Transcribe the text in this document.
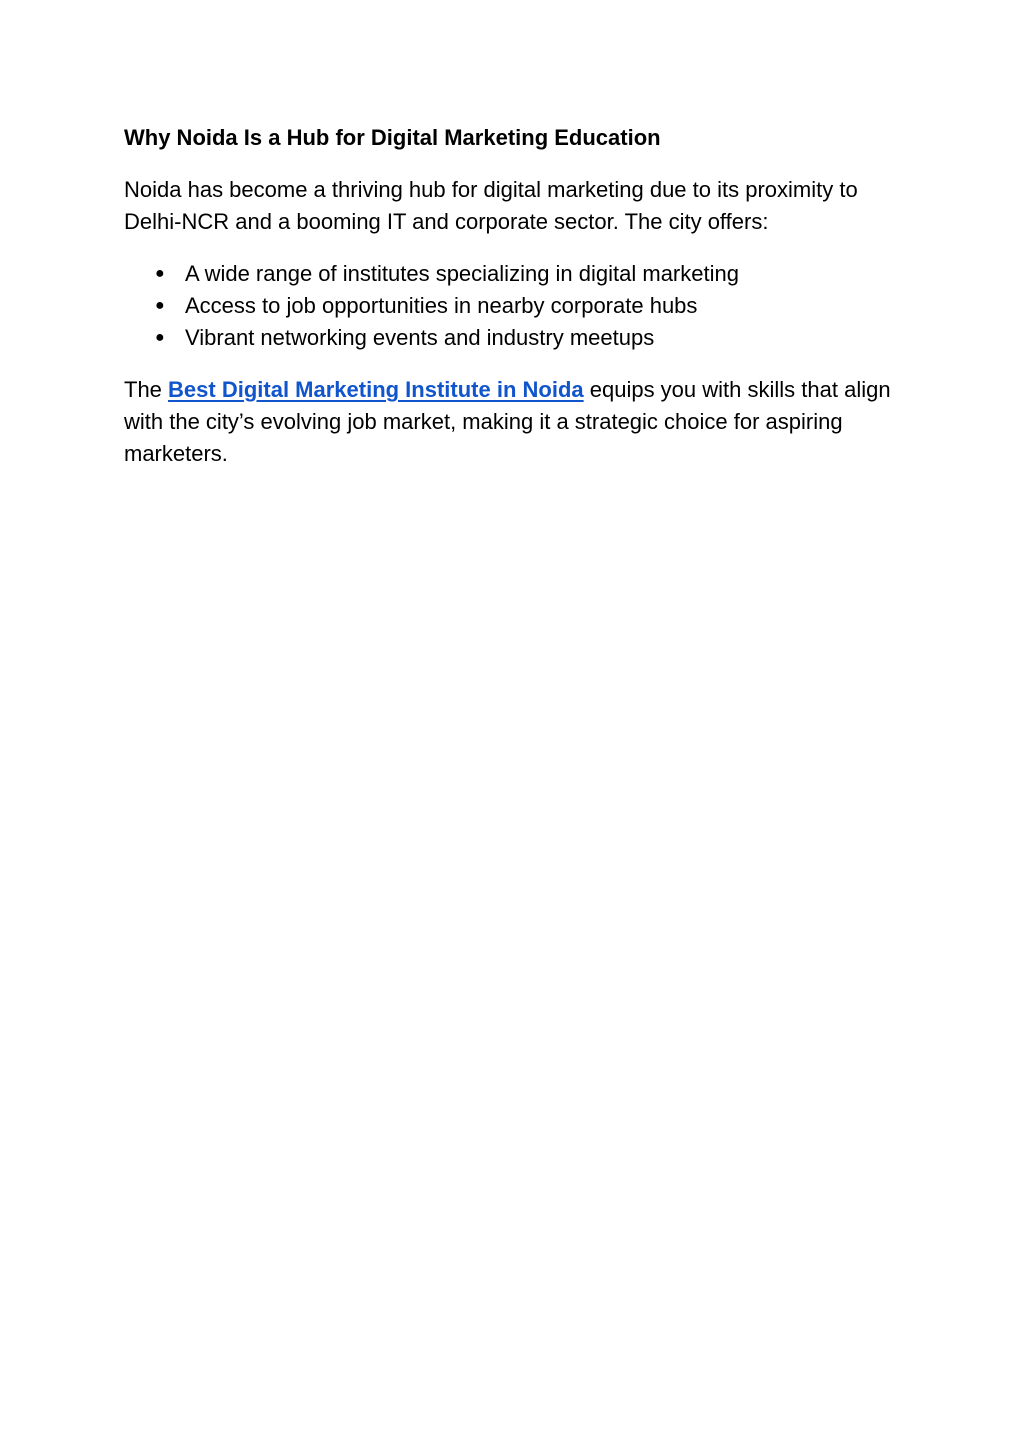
Why Noida Is a Hub for Digital Marketing Education

Noida has become a thriving hub for digital marketing due to its proximity to Delhi-NCR and a booming IT and corporate sector. The city offers:

● A wide range of institutes specializing in digital marketing
● Access to job opportunities in nearby corporate hubs
● Vibrant networking events and industry meetups

The Best Digital Marketing Institute in Noida equips you with skills that align with the city’s evolving job market, making it a strategic choice for aspiring marketers.
